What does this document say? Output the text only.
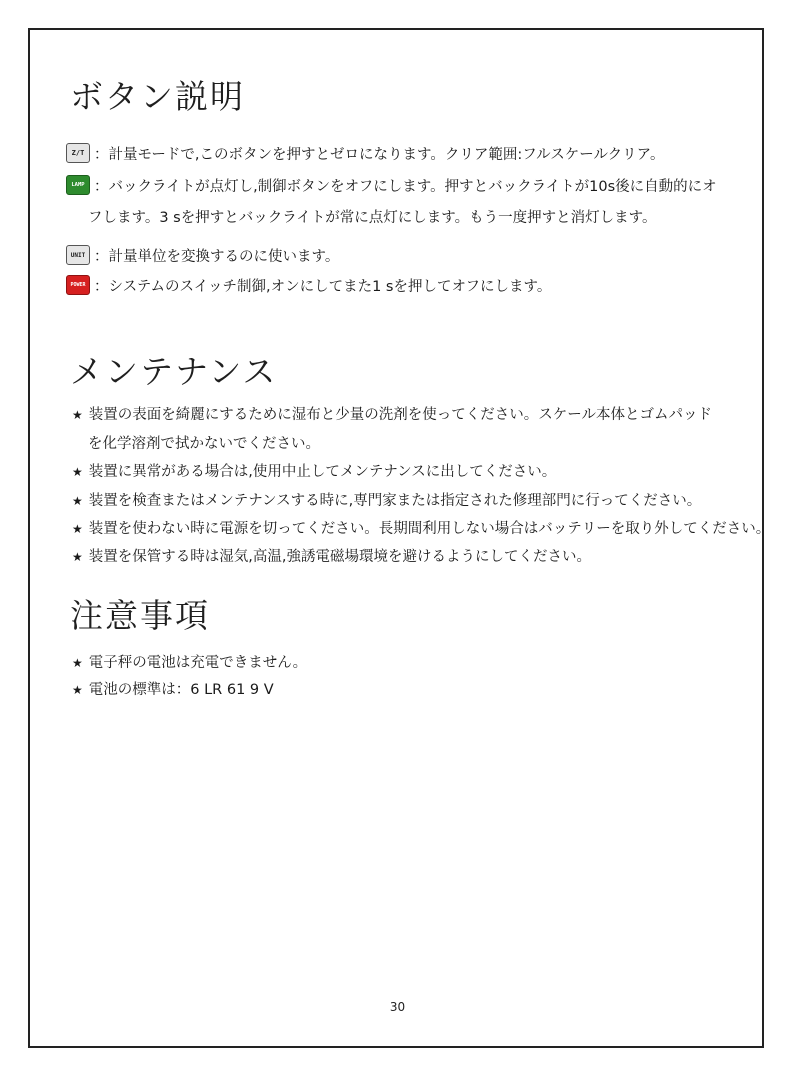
ボタン説明
Z/T ：計量モードで,このボタンを押すとゼロになります。クリア範囲:フルスケールクリア。
LAMP ：バックライトが点灯し,制御ボタンをオフにします。押すとバックライトが10s後に自動的にオ
フします。3 sを押すとバックライトが常に点灯にします。もう一度押すと消灯します。
UNIT ：計量単位を変換するのに使います。
POWER ：システムのスイッチ制御,オンにしてまた1 sを押してオフにします。
メンテナンス
★ 装置の表面を綺麗にするために湿布と少量の洗剤を使ってください。スケール本体とゴムパッド
を化学溶剤で拭かないでください。
★ 装置に異常がある場合は,使用中止してメンテナンスに出してください。
★ 装置を検査またはメンテナンスする時に,専門家または指定された修理部門に行ってください。
★ 装置を使わない時に電源を切ってください。長期間利用しない場合はバッテリーを取り外してください。
★ 装置を保管する時は湿気,高温,強誘電磁場環境を避けるようにしてください。
注意事項
★ 電子秤の電池は充電できません。
★ 電池の標準は：6 LR 61 9 V
30
